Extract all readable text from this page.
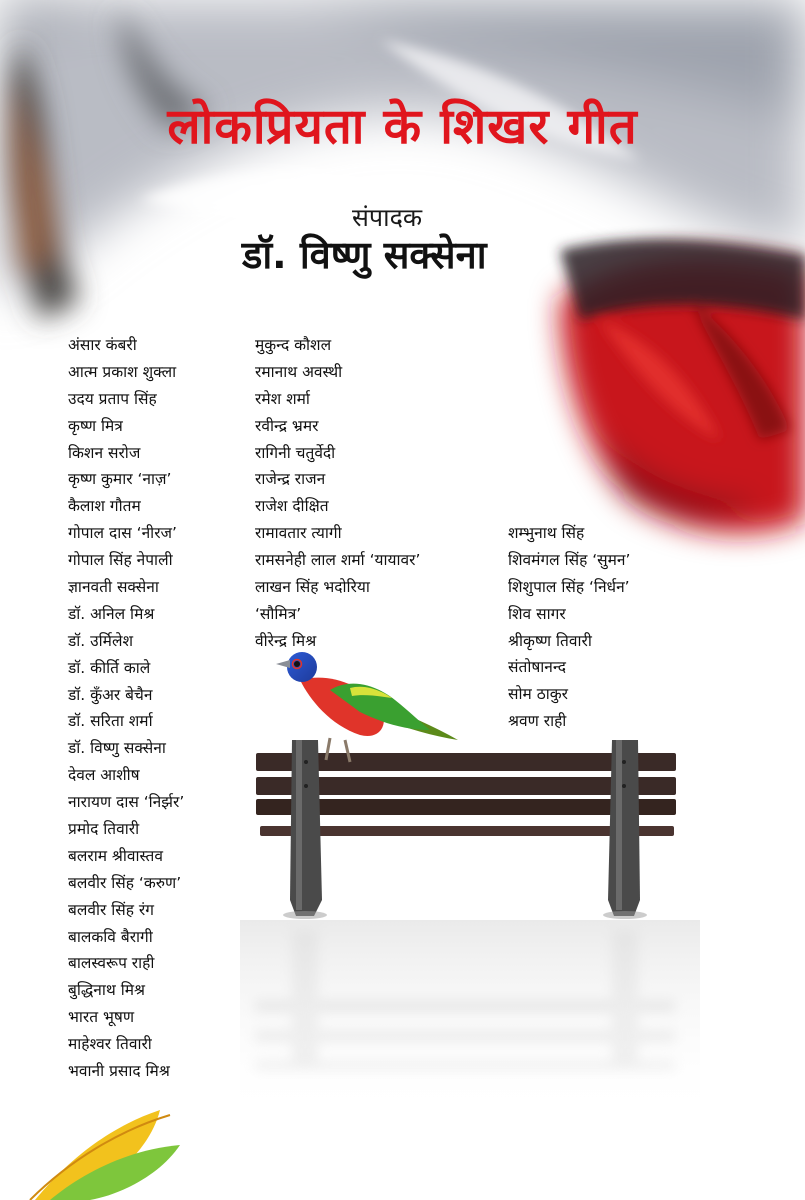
लोकप्रियता के शिखर गीत
संपादक
डॉ. विष्णु सक्सेना
अंसार कंबरी
आत्म प्रकाश शुक्ला
उदय प्रताप सिंह
कृष्ण मित्र
किशन सरोज
कृष्ण कुमार ‘नाज़’
कैलाश गौतम
गोपाल दास ‘नीरज’
गोपाल सिंह नेपाली
ज्ञानवती सक्सेना
डॉ. अनिल मिश्र
डॉ. उर्मिलेश
डॉ. कीर्ति काले
डॉ. कुँअर बेचैन
डॉ. सरिता शर्मा
डॉ. विष्णु सक्सेना
देवल आशीष
नारायण दास ‘निर्झर’
प्रमोद तिवारी
बलराम श्रीवास्तव
बलवीर सिंह ‘करुण’
बलवीर सिंह रंग
बालकवि बैरागी
बालस्वरूप राही
बुद्धिनाथ मिश्र
भारत भूषण
माहेश्वर तिवारी
भवानी प्रसाद मिश्र
मुकुन्द कौशल
रमानाथ अवस्थी
रमेश शर्मा
रवीन्द्र भ्रमर
रागिनी चतुर्वेदी
राजेन्द्र राजन
राजेश दीक्षित
रामावतार त्यागी
रामसनेही लाल शर्मा ‘यायावर’
लाखन सिंह भदोरिया
‘सौमित्र’
वीरेन्द्र मिश्र
शम्भुनाथ सिंह
शिवमंगल सिंह ‘सुमन’
शिशुपाल सिंह ‘निर्धन’
शिव सागर
श्रीकृष्ण तिवारी
संतोषानन्द
सोम ठाकुर
श्रवण राही
